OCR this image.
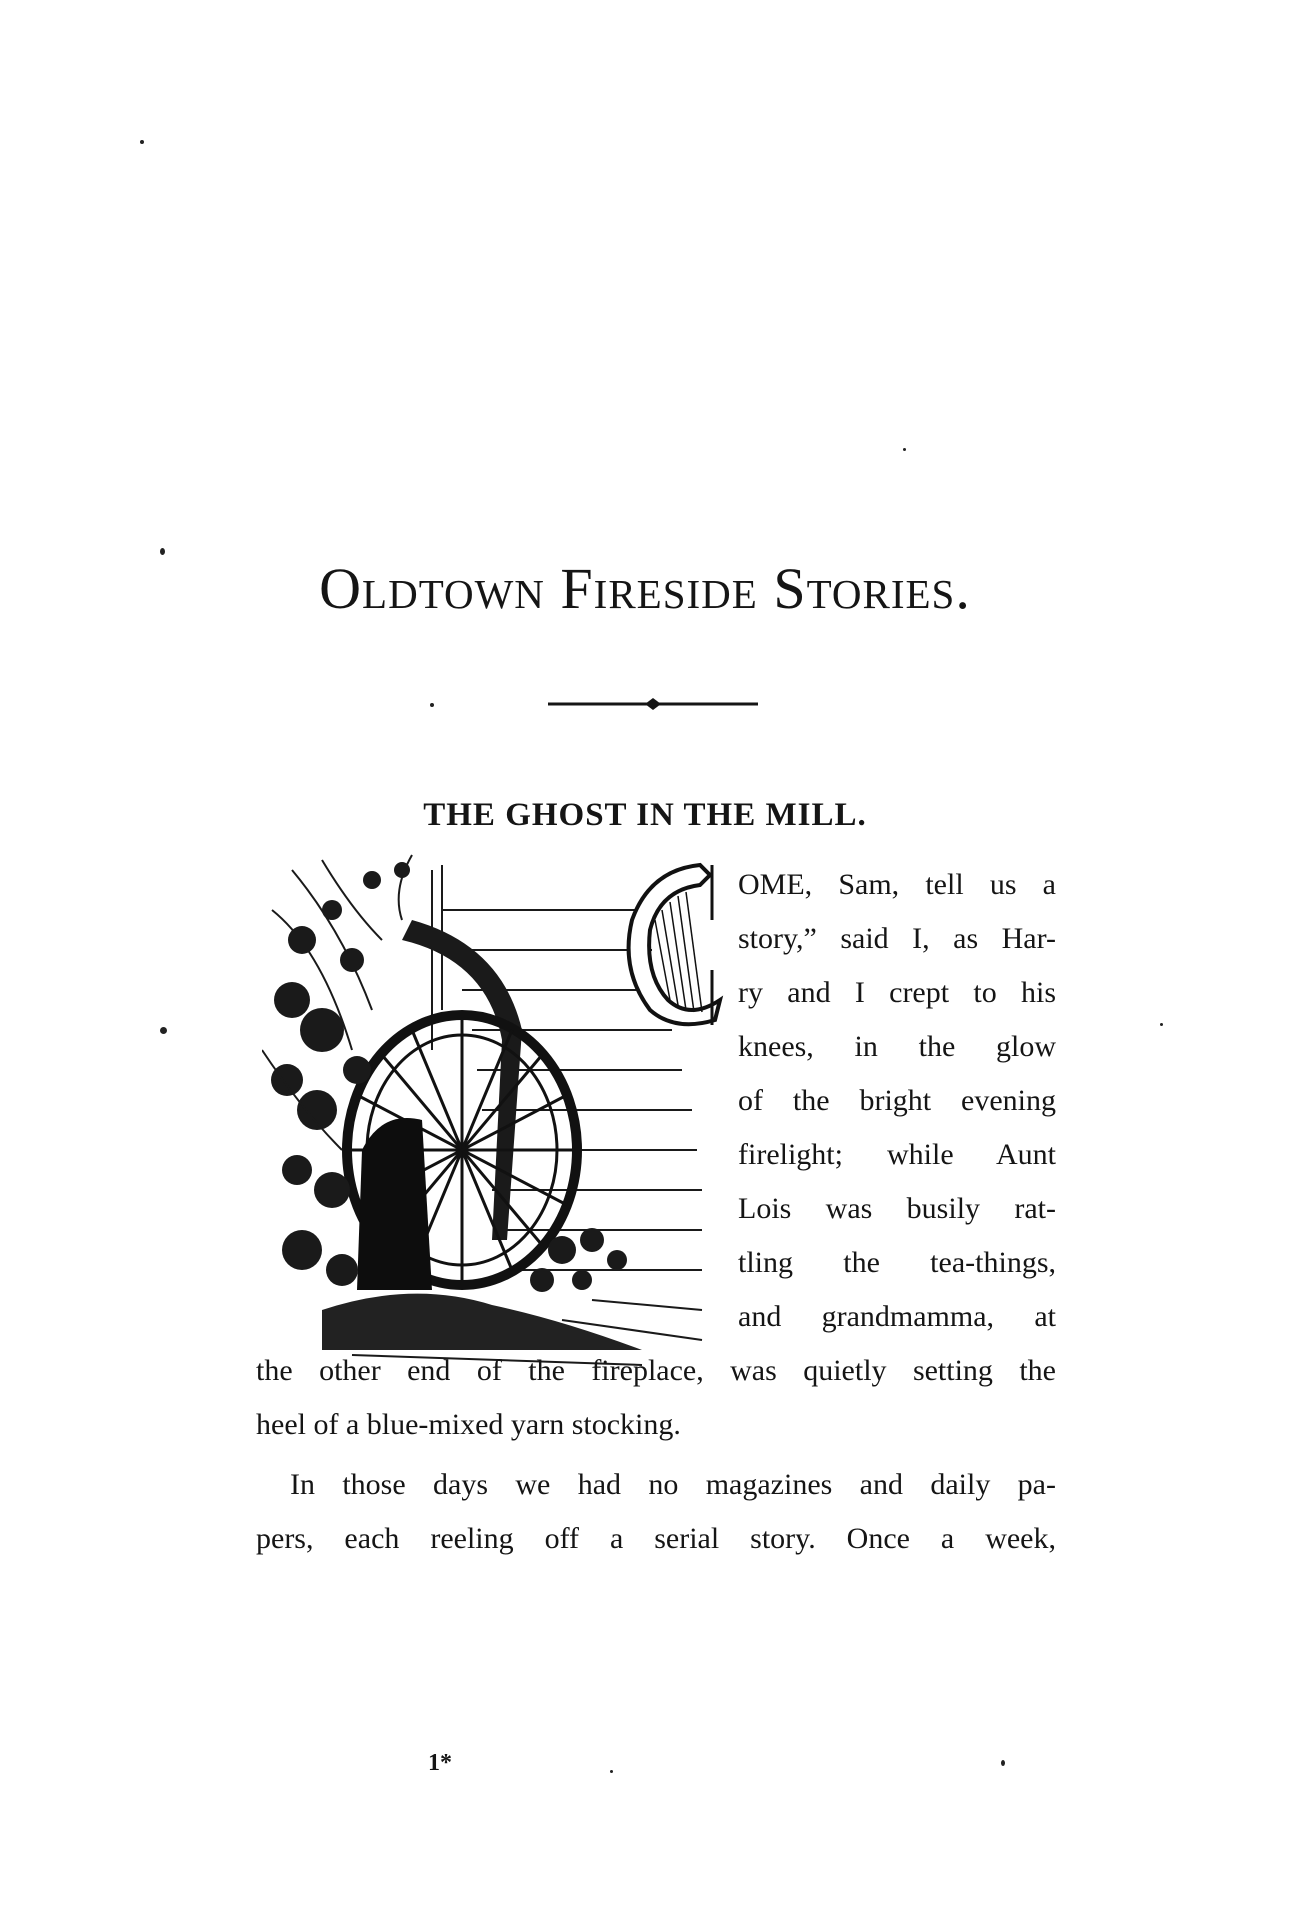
Oldtown Fireside Stories.
THE GHOST IN THE MILL.
C
OME, Sam, tell us a
story,” said I, as Har-
ry and I crept to his
knees, in the glow
of the bright evening
firelight; while Aunt
Lois was busily rat-
tling the tea-things,
and grandmamma, at
the other end of the fireplace, was quietly setting the
heel of a blue-mixed yarn stocking.
In those days we had no magazines and daily pa-
pers, each reeling off a serial story. Once a week,
1*
